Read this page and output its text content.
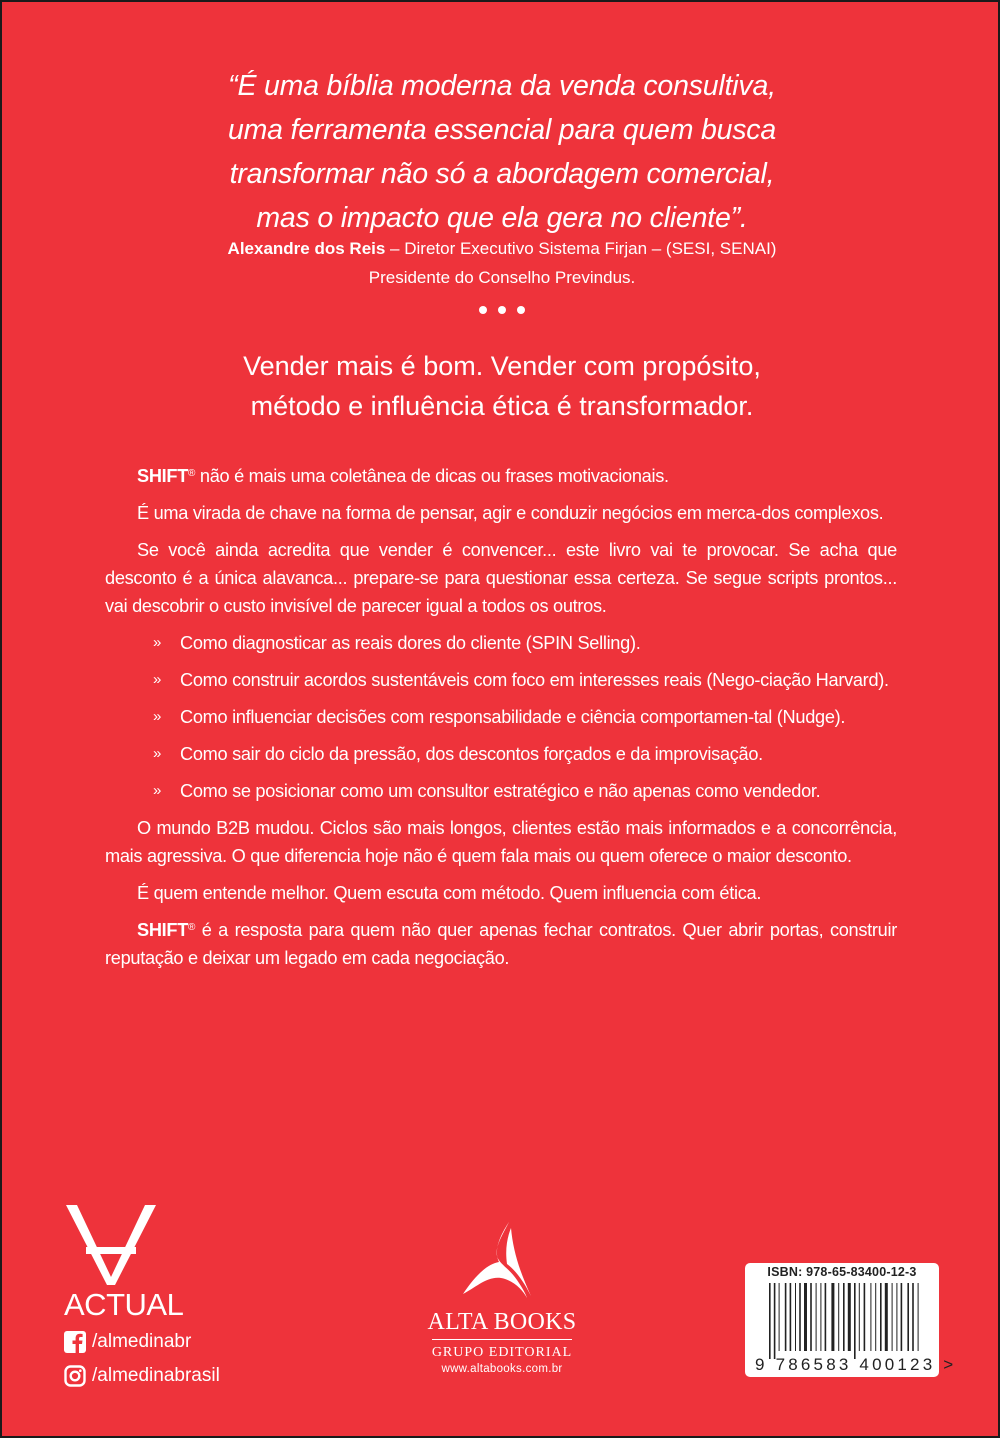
“É uma bíblia moderna da venda consultiva,
uma ferramenta essencial para quem busca
transformar não só a abordagem comercial,
mas o impacto que ela gera no cliente”.
Alexandre dos Reis – Diretor Executivo Sistema Firjan – (SESI, SENAI)
Presidente do Conselho Previndus.
Vender mais é bom. Vender com propósito,
método e influência ética é transformador.

SHIFT® não é mais uma coletânea de dicas ou frases motivacionais.

É uma virada de chave na forma de pensar, agir e conduzir negócios em merca-dos complexos.

Se você ainda acredita que vender é convencer... este livro vai te provocar. Se acha que desconto é a única alavanca... prepare-se para questionar essa certeza. Se segue scripts prontos... vai descobrir o custo invisível de parecer igual a todos os outros.

»	Como diagnosticar as reais dores do cliente (SPIN Selling).
»	Como construir acordos sustentáveis com foco em interesses reais (Nego-ciação Harvard).
»	Como influenciar decisões com responsabilidade e ciência comportamen-tal (Nudge).
»	Como sair do ciclo da pressão, dos descontos forçados e da improvisação.
»	Como se posicionar como um consultor estratégico e não apenas como vendedor.

O mundo B2B mudou. Ciclos são mais longos, clientes estão mais informados e a concorrência, mais agressiva. O que diferencia hoje não é quem fala mais ou quem oferece o maior desconto.

É quem entende melhor. Quem escuta com método. Quem influencia com ética.

SHIFT® é a resposta para quem não quer apenas fechar contratos. Quer abrir portas, construir reputação e deixar um legado em cada negociação.

ACTUAL
/almedinabr
/almedinabrasil
ALTA BOOKS
GRUPO EDITORIAL
www.altabooks.com.br
ISBN: 978-65-83400-12-3
9 786583 400123 >
